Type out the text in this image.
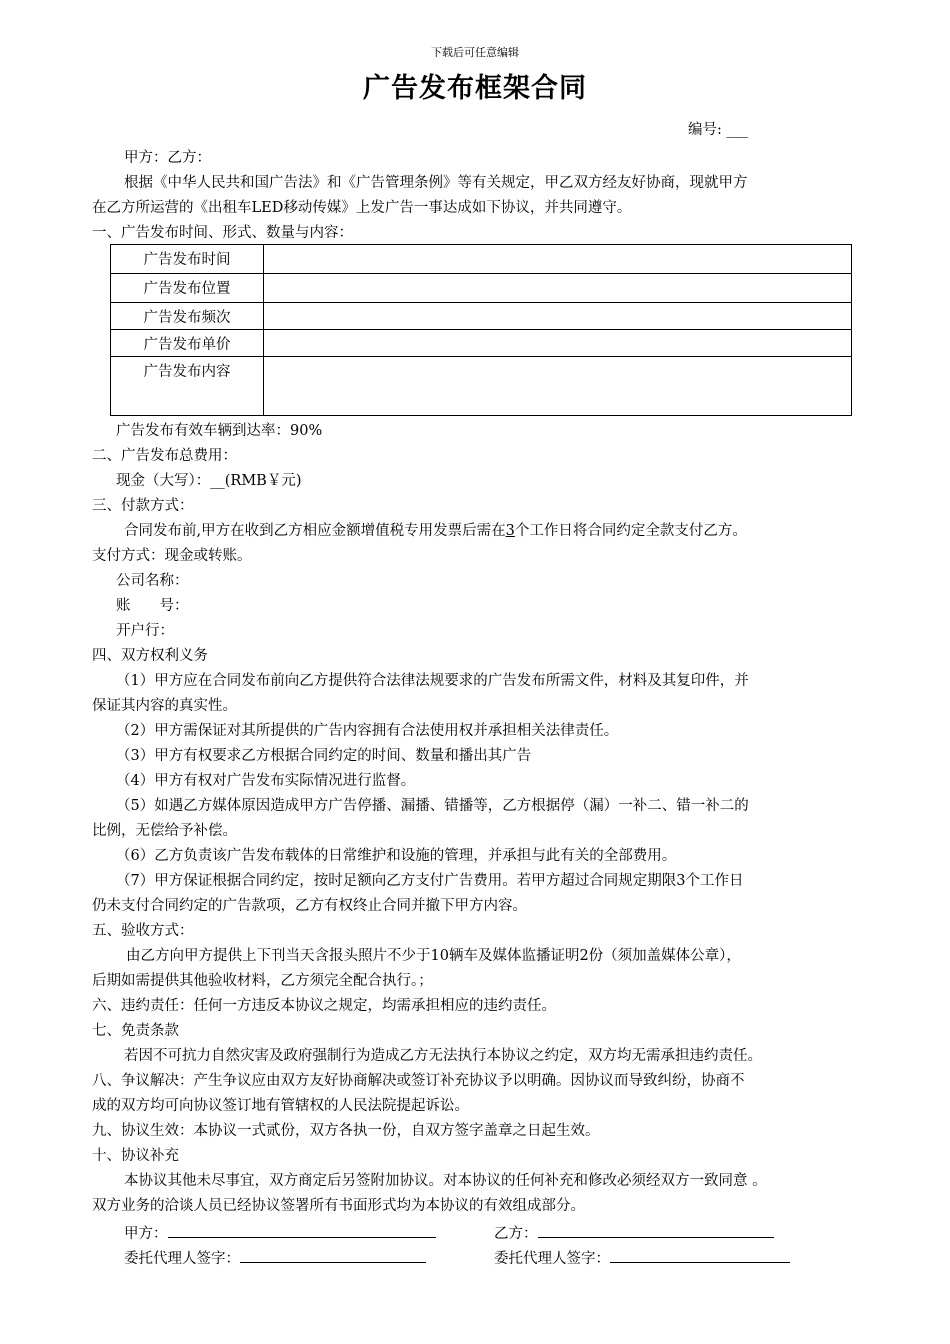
下载后可任意编辑
广告发布框架合同
编号: ___
甲方：乙方：
根据《中华人民共和国广告法》和《广告管理条例》等有关规定，甲乙双方经友好协商，现就甲方
在乙方所运营的《出租车LED移动传媒》上发广告一事达成如下协议，并共同遵守。
一、广告发布时间、形式、数量与内容：
广告发布时间	

广告发布位置	

广告发布频次	

广告发布单价	

广告发布内容	

广告发布有效车辆到达率：90%
二、广告发布总费用：
现金（大写）：__(RMB￥元)
三、付款方式：
合同发布前,甲方在收到乙方相应金额增值税专用发票后需在3个工作日将合同约定全款支付乙方。
支付方式：现金或转账。
公司名称：
账　　号：
开户行：
四、双方权利义务
（1）甲方应在合同发布前向乙方提供符合法律法规要求的广告发布所需文件，材料及其复印件，并
保证其内容的真实性。
（2）甲方需保证对其所提供的广告内容拥有合法使用权并承担相关法律责任。
（3）甲方有权要求乙方根据合同约定的时间、数量和播出其广告
（4）甲方有权对广告发布实际情况进行监督。
（5）如遇乙方媒体原因造成甲方广告停播、漏播、错播等，乙方根据停（漏）一补二、错一补二的
比例，无偿给予补偿。
（6）乙方负责该广告发布载体的日常维护和设施的管理，并承担与此有关的全部费用。
（7）甲方保证根据合同约定，按时足额向乙方支付广告费用。若甲方超过合同规定期限3个工作日
仍未支付合同约定的广告款项，乙方有权终止合同并撤下甲方内容。
五、验收方式：
由乙方向甲方提供上下刊当天含报头照片不少于10辆车及媒体监播证明2份（须加盖媒体公章），
后期如需提供其他验收材料，乙方须完全配合执行。；
六、违约责任：任何一方违反本协议之规定，均需承担相应的违约责任。
七、免责条款
若因不可抗力自然灾害及政府强制行为造成乙方无法执行本协议之约定，双方均无需承担违约责任。
八、争议解决：产生争议应由双方友好协商解决或签订补充协议予以明确。因协议而导致纠纷，协商不
成的双方均可向协议签订地有管辖权的人民法院提起诉讼。
九、协议生效：本协议一式贰份，双方各执一份，自双方签字盖章之日起生效。
十、协议补充
本协议其他未尽事宜，双方商定后另签附加协议。对本协议的任何补充和修改必须经双方一致同意 。
双方业务的洽谈人员已经协议签署所有书面形式均为本协议的有效组成部分。
甲方：	乙方：
委托代理人签字：	委托代理人签字：
